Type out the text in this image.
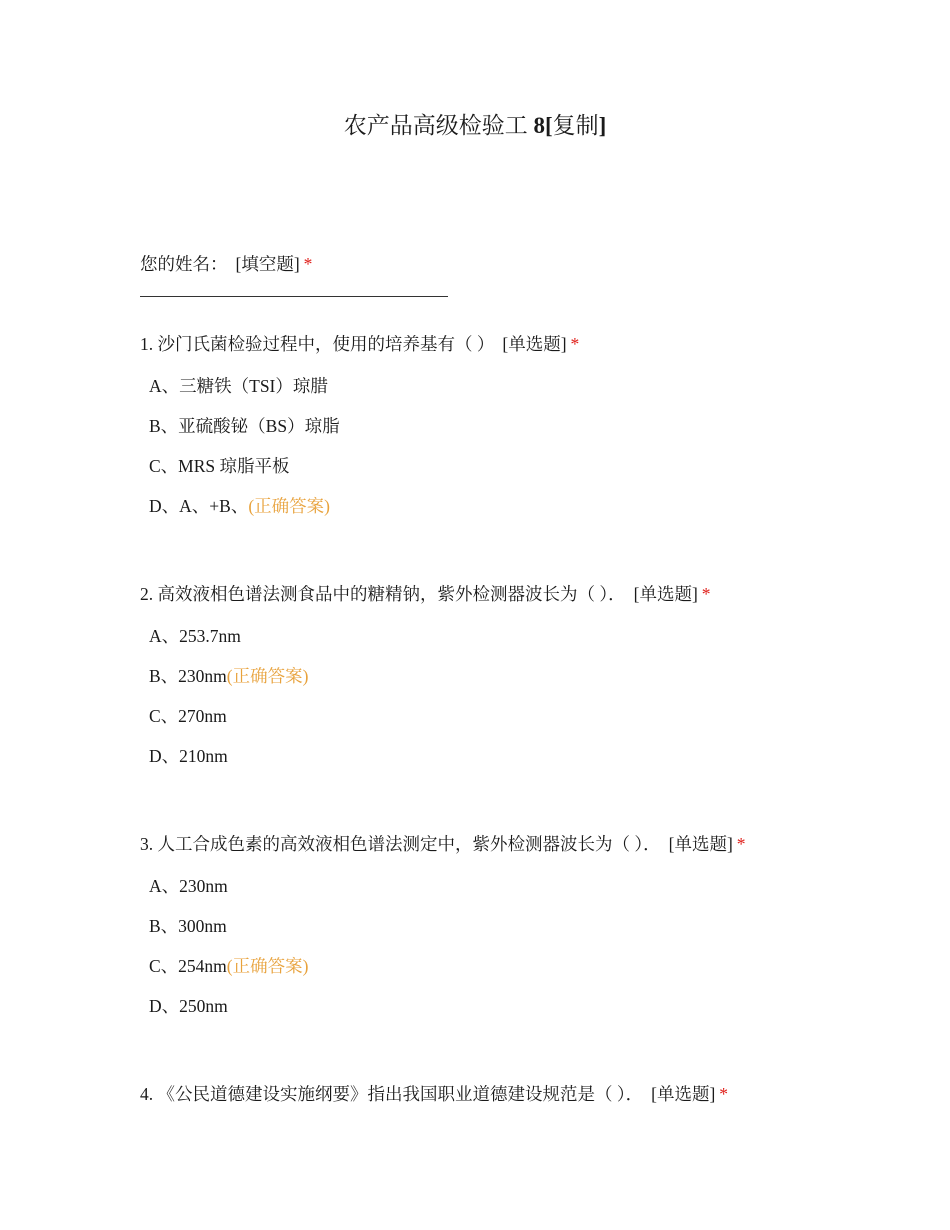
农产品高级检验工 8[复制]
您的姓名： [填空题] *
1. 沙门氏菌检验过程中，使用的培养基有（ ） [单选题] *
A、三糖铁（TSI）琼腊
B、亚硫酸铋（BS）琼脂
C、MRS 琼脂平板
D、A、+B、(正确答案)
2. 高效液相色谱法测食品中的糖精钠，紫外检测器波长为（ ）． [单选题] *
A、253.7nm
B、230nm(正确答案)
C、270nm
D、210nm
3. 人工合成色素的高效液相色谱法测定中，紫外检测器波长为（ ）． [单选题] *
A、230nm
B、300nm
C、254nm(正确答案)
D、250nm
4. 《公民道德建设实施纲要》指出我国职业道德建设规范是（ ）． [单选题] *
